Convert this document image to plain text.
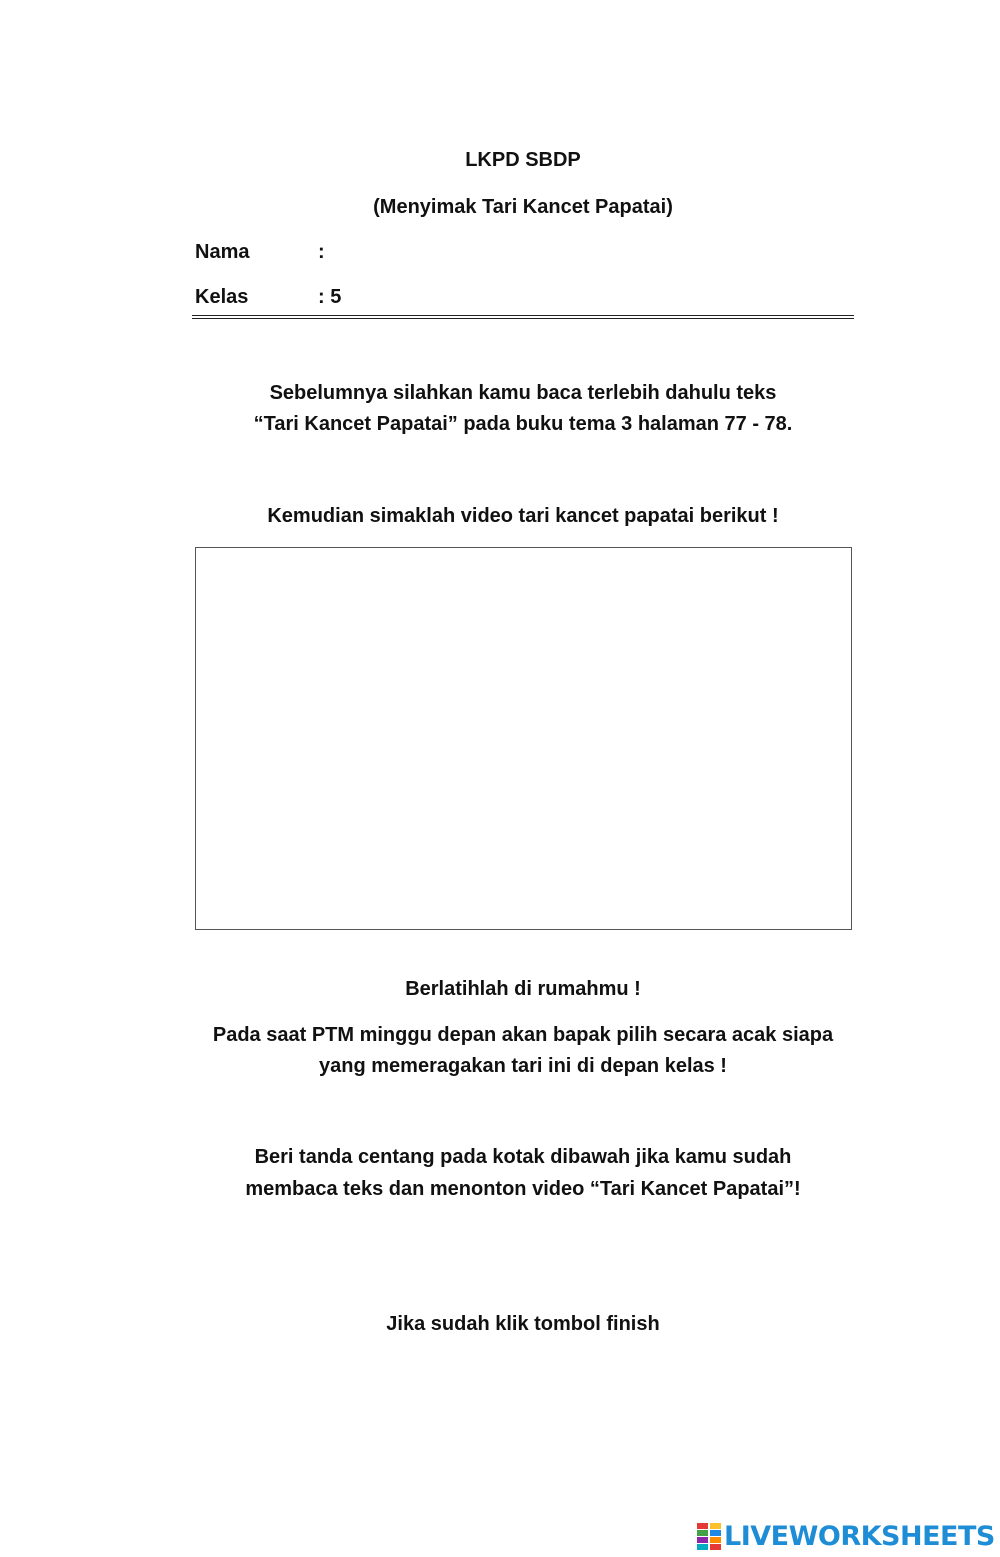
LKPD SBDP
(Menyimak Tari Kancet Papatai)
Nama	:
Kelas	: 5
Sebelumnya silahkan kamu baca terlebih dahulu teks
“Tari Kancet Papatai” pada buku tema 3 halaman 77 - 78.
Kemudian simaklah video tari kancet papatai berikut !
Berlatihlah di rumahmu !
Pada saat PTM minggu depan akan bapak pilih secara acak siapa
yang memeragakan tari ini di depan kelas !
Beri tanda centang pada kotak dibawah jika kamu sudah
membaca teks dan menonton video “Tari Kancet Papatai”!
Jika sudah klik tombol finish
LIVEWORKSHEETS
